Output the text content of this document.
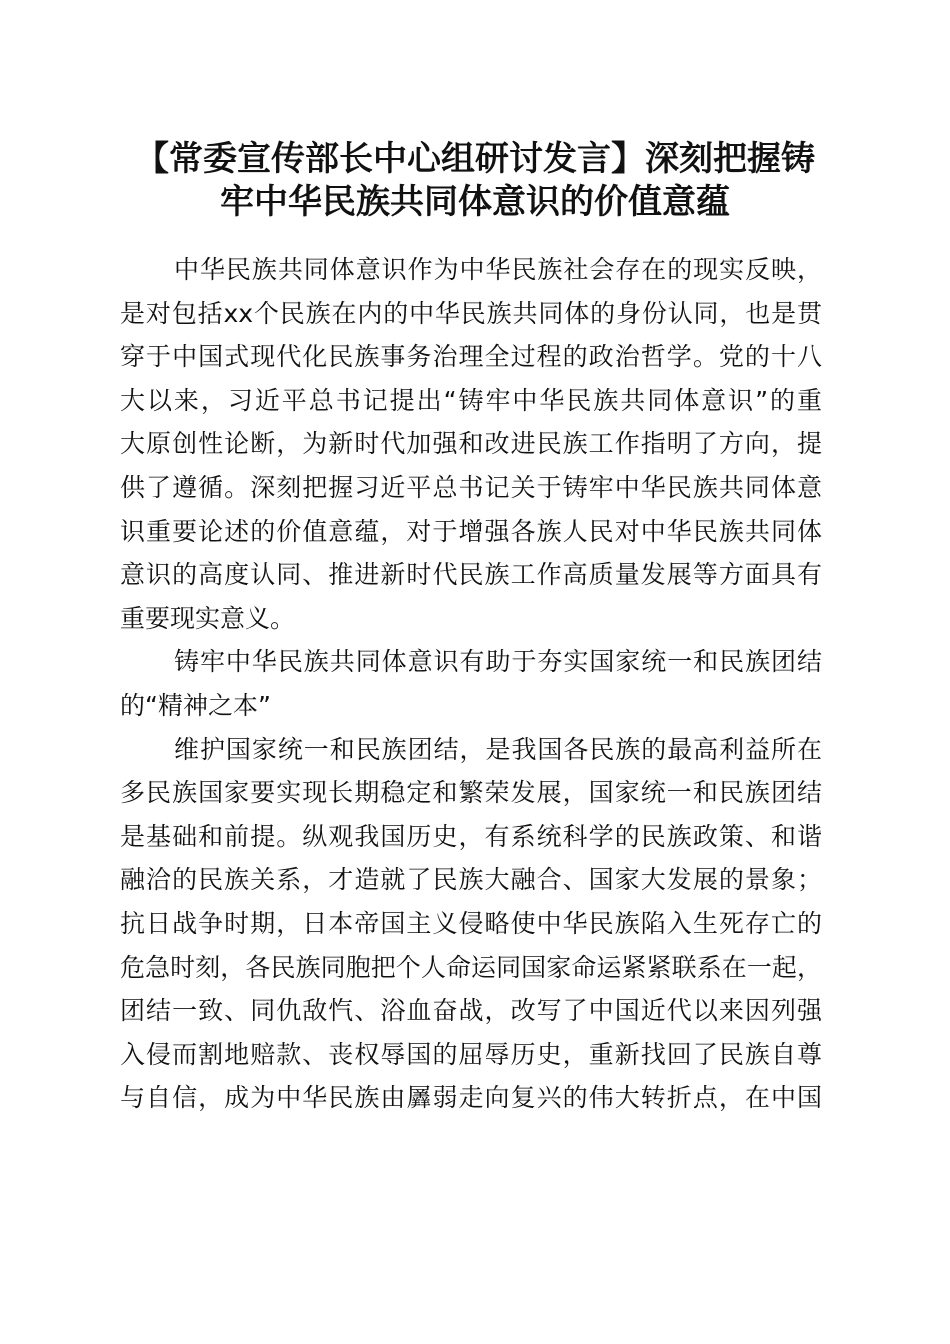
【常委宣传部长中心组研讨发言】深刻把握铸
牢中华民族共同体意识的价值意蕴
中华民族共同体意识作为中华民族社会存在的现实反映，
是对包括xx个民族在内的中华民族共同体的身份认同，也是贯
穿于中国式现代化民族事务治理全过程的政治哲学。党的十八
大以来，习近平总书记提出“铸牢中华民族共同体意识”的重
大原创性论断，为新时代加强和改进民族工作指明了方向，提
供了遵循。深刻把握习近平总书记关于铸牢中华民族共同体意
识重要论述的价值意蕴，对于增强各族人民对中华民族共同体
意识的高度认同、推进新时代民族工作高质量发展等方面具有
重要现实意义。
铸牢中华民族共同体意识有助于夯实国家统一和民族团结
的“精神之本”
维护国家统一和民族团结，是我国各民族的最高利益所在
多民族国家要实现长期稳定和繁荣发展，国家统一和民族团结
是基础和前提。纵观我国历史，有系统科学的民族政策、和谐
融洽的民族关系，才造就了民族大融合、国家大发展的景象；
抗日战争时期，日本帝国主义侵略使中华民族陷入生死存亡的
危急时刻，各民族同胞把个人命运同国家命运紧紧联系在一起，
团结一致、同仇敌忾、浴血奋战，改写了中国近代以来因列强
入侵而割地赔款、丧权辱国的屈辱历史，重新找回了民族自尊
与自信，成为中华民族由羼弱走向复兴的伟大转折点，在中国
